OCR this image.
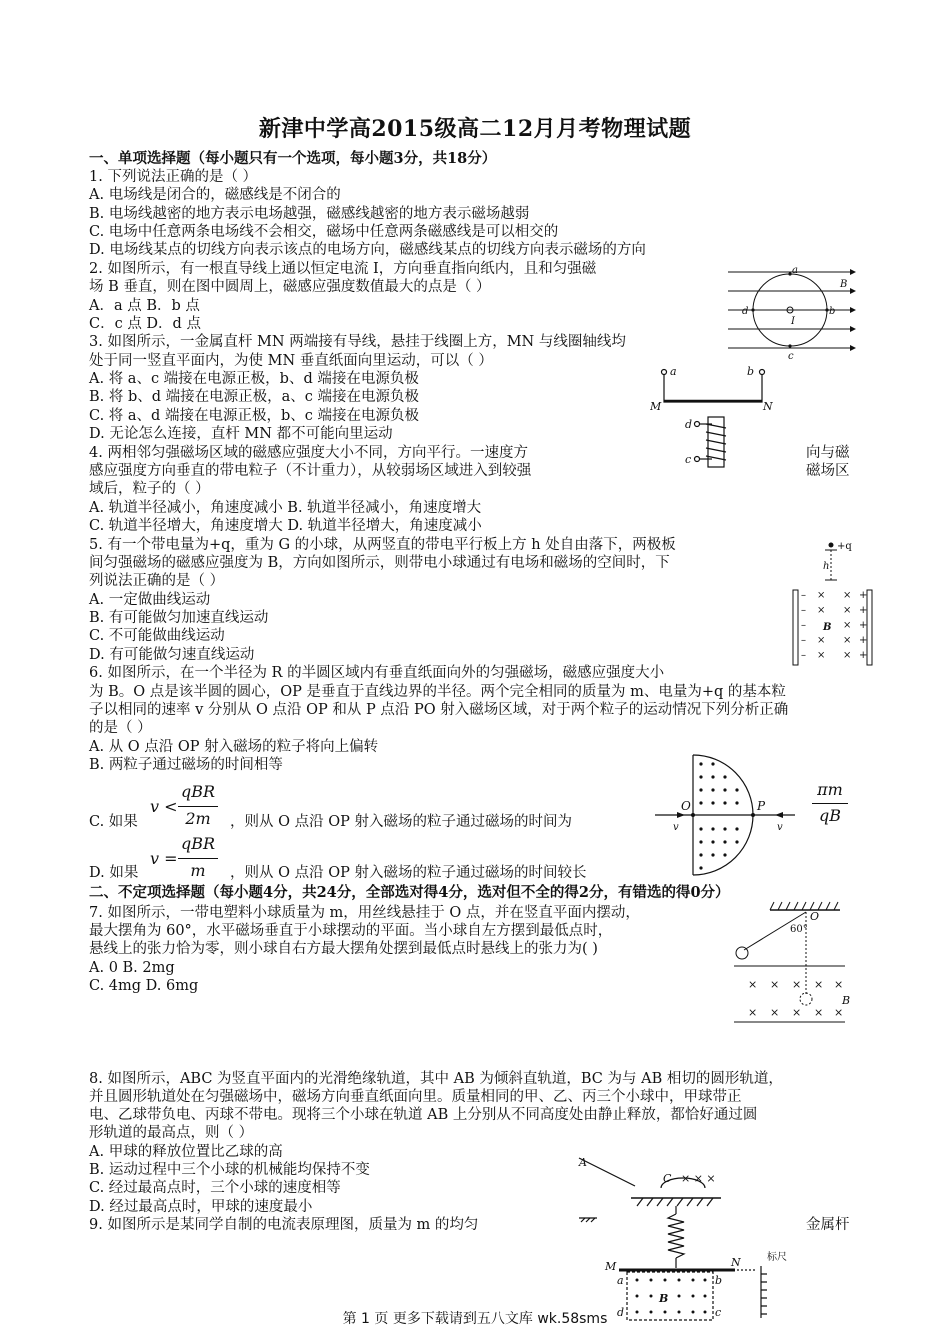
新津中学高2015级高二12月月考物理试题
一、单项选择题（每小题只有一个选项，每小题3分，共18分）
1. 下列说法正确的是（ ）
A. 电场线是闭合的，磁感线是不闭合的
B. 电场线越密的地方表示电场越强，磁感线越密的地方表示磁场越弱
C. 电场中任意两条电场线不会相交，磁场中任意两条磁感线是可以相交的
D. 电场线某点的切线方向表示该点的电场方向，磁感线某点的切线方向表示磁场的方向
2. 如图所示，有一根直导线上通以恒定电流 I，方向垂直指向纸内，且和匀强磁
场 B 垂直，则在图中圆周上，磁感应强度数值最大的点是（ ）
A．a 点 B．b 点
C．c 点 D．d 点
a
b
c
d
B
I
3. 如图所示，一金属直杆 MN 两端接有导线，悬挂于线圈上方，MN 与线圈轴线均
处于同一竖直平面内，为使 MN 垂直纸面向里运动，可以（ ）
A. 将 a、c 端接在电源正极，b、d 端接在电源负极
B. 将 b、d 端接在电源正极，a、c 端接在电源负极
C. 将 a、d 端接在电源正极，b、c 端接在电源负极
D. 无论怎么连接，直杆 MN 都不可能向里运动
a	b
M	N
d
c
4. 两相邻匀强磁场区域的磁感应强度大小不同，方向平行。一速度方	向与磁
感应强度方向垂直的带电粒子（不计重力），从较弱场区域进入到较强	磁场区
域后，粒子的（ ）
A. 轨道半径减小，角速度减小 B. 轨道半径减小，角速度增大
C. 轨道半径增大，角速度增大 D. 轨道半径增大，角速度减小
5. 有一个带电量为+q，重为 G 的小球，从两竖直的带电平行板上方 h 处自由落下，两极板
间匀强磁场的磁感应强度为 B，方向如图所示，则带电小球通过有电场和磁场的空间时，下
列说法正确的是（ ）
A. 一定做曲线运动
B. 有可能做匀加速直线运动
C. 不可能做曲线运动
D. 有可能做匀速直线运动
+q
h
B
–
–
–
–
–
+
+
+
+
+
× ×
× ×
×
× ×
× ×
6. 如图所示，在一个半径为 R 的半圆区域内有垂直纸面向外的匀强磁场，磁感应强度大小
为 B。O 点是该半圆的圆心，OP 是垂直于直线边界的半径。两个完全相同的质量为 m、电量为+q 的基本粒
子以相同的速率 v 分别从 O 点沿 OP 和从 P 点沿 PO 射入磁场区域，对于两个粒子的运动情况下列分析正确
的是（ ）
A. 从 O 点沿 OP 射入磁场的粒子将向上偏转
B. 两粒子通过磁场的时间相等
C. 如果
v <
qBR
2m	，则从 O 点沿 OP 射入磁场的粒子通过磁场的时间为
πm
qB
D. 如果
v =
qBR
m	，则从 O 点沿 OP 射入磁场的粒子通过磁场的时间较长
O	P
v	v
二、不定项选择题（每小题4分，共24分，全部选对得4分，选对但不全的得2分，有错选的得0分）
7. 如图所示，一带电塑料小球质量为 m，用丝线悬挂于 O 点，并在竖直平面内摆动，
最大摆角为 60°，水平磁场垂直于小球摆动的平面。当小球自左方摆到最低点时，
悬线上的张力恰为零，则小球自右方最大摆角处摆到最低点时悬线上的张力为( )
A. 0 B. 2mg
C. 4mg D. 6mg
O
60°
B
× × × × ×
× × × × ×
8. 如图所示，ABC 为竖直平面内的光滑绝缘轨道，其中 AB 为倾斜直轨道，BC 为与 AB 相切的圆形轨道，
并且圆形轨道处在匀强磁场中，磁场方向垂直纸面向里。质量相同的甲、乙、丙三个小球中，甲球带正
电、乙球带负电、丙球不带电。现将三个小球在轨道 AB 上分别从不同高度处由静止释放，都恰好通过圆
形轨道的最高点，则（ ）
A. 甲球的释放位置比乙球的高
B. 运动过程中三个小球的机械能均保持不变
C. 经过最高点时，三个小球的速度相等
D. 经过最高点时，甲球的速度最小
9. 如图所示是某同学自制的电流表原理图，质量为 m 的均匀	金属杆
A
C × × ×
M	N
a	b
d	c
B
标尺
第 1 页 更多下载请到五八文库 wk.58sms
